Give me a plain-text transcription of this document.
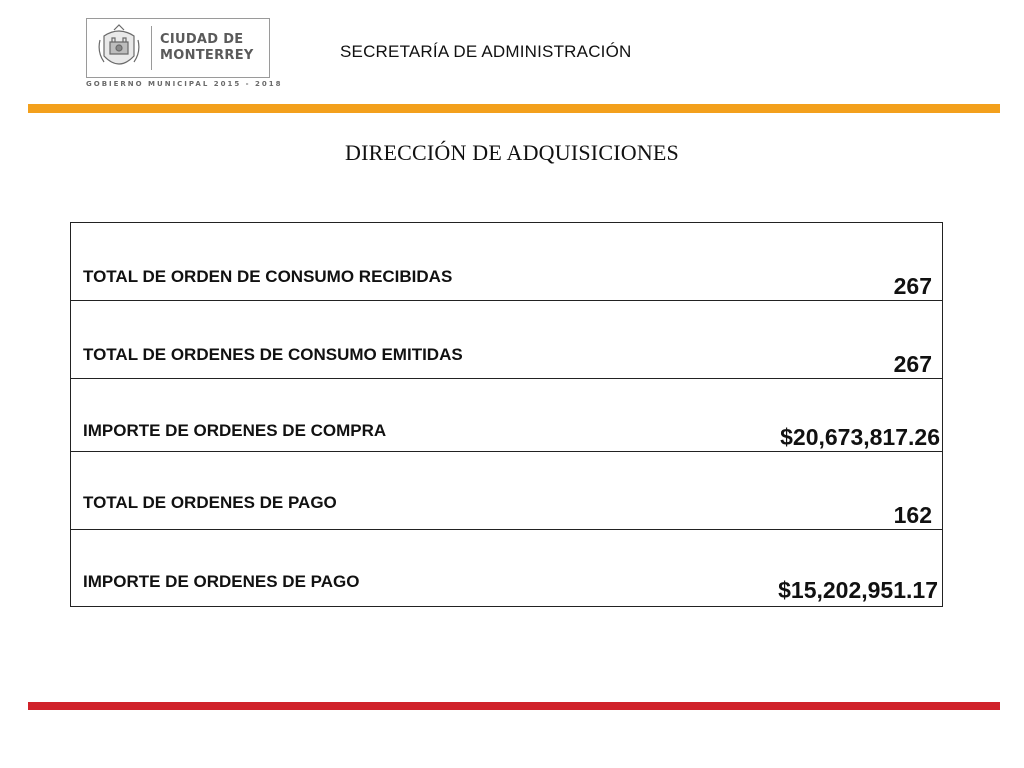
CIUDAD DE
MONTERREY
GOBIERNO MUNICIPAL 2015 - 2018
SECRETARÍA DE ADMINISTRACIÓN
DIRECCIÓN DE ADQUISICIONES
TOTAL DE ORDEN DE CONSUMO RECIBIDAS	267
TOTAL DE ORDENES DE CONSUMO EMITIDAS	267
IMPORTE DE ORDENES DE COMPRA	$20,673,817.26
TOTAL DE ORDENES DE PAGO	162
IMPORTE DE ORDENES DE PAGO	$15,202,951.17
